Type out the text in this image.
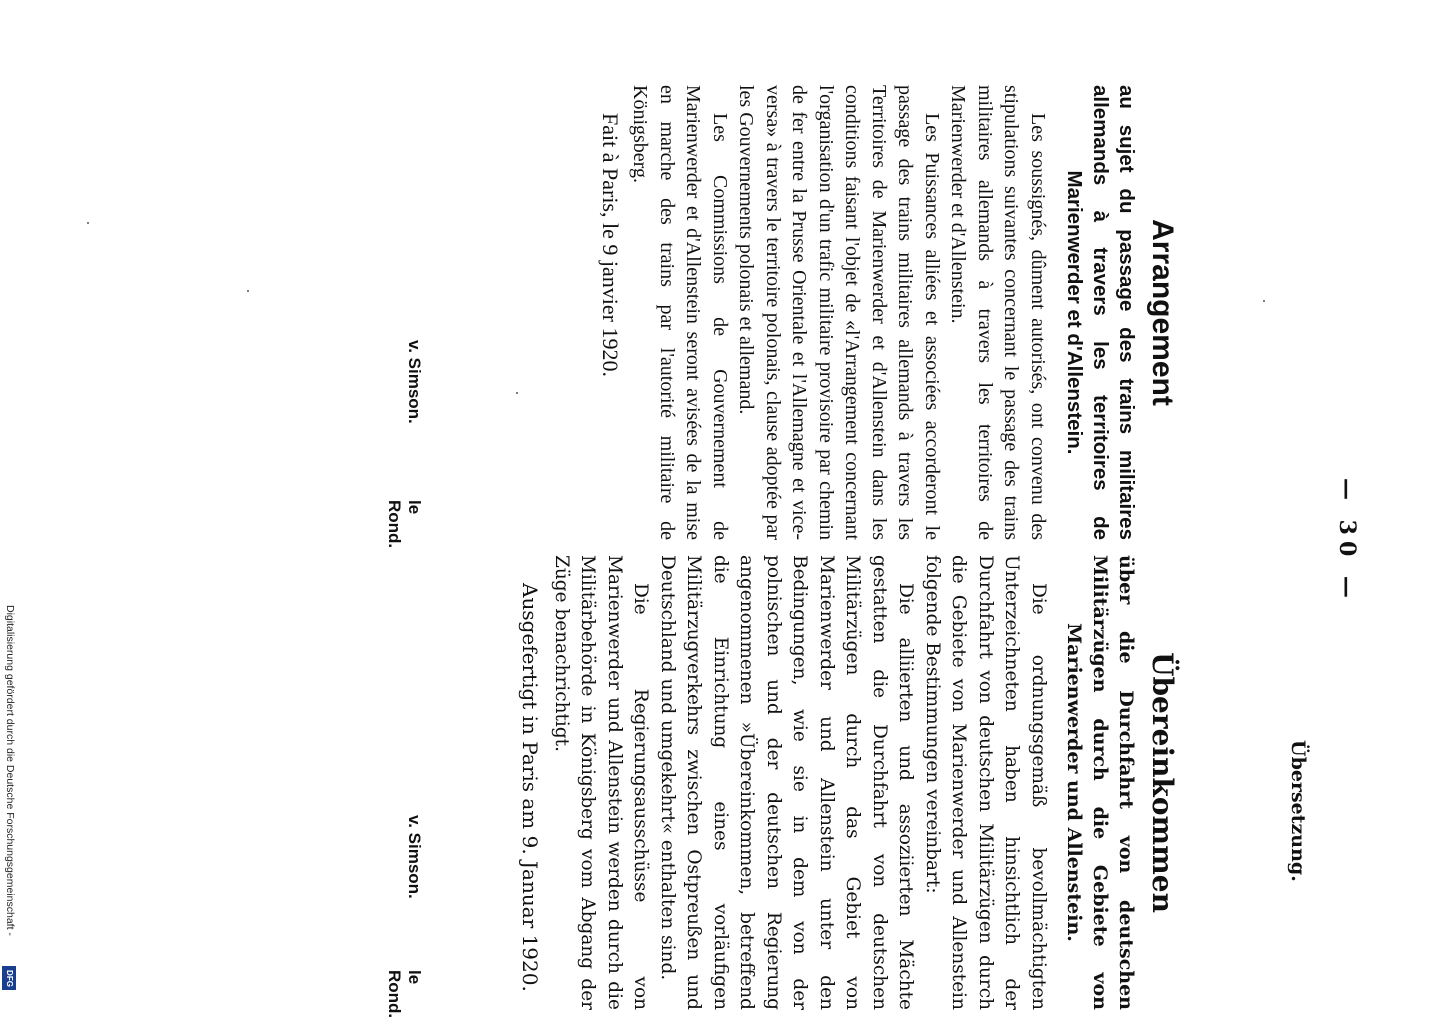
— 30 —
Übersetzung.
Arrangement
au sujet du passage des trains militaires allemands à travers les territoires de Marienwerder et d'Allenstein.

Les soussignés, dûment autorisés, ont convenu des stipulations suivantes concernant le passage des trains militaires allemands à travers les territoires de Marienwerder et d'Allenstein.

Les Puissances alliées et associées accorderont le passage des trains militaires allemands à travers les Territoires de Marienwerder et d'Allenstein dans les conditions faisant l'objet de «l'Arrangement concernant l'organisation d'un trafic militaire provisoire par chemin de fer entre la Prusse Orientale et l'Allemagne et vice-versa» à travers le territoire polonais, clause adoptée par les Gouvernements polonais et allemand.

Les Commissions de Gouvernement de Marienwerder et d'Allenstein seront avisées de la mise en marche des trains par l'autorité militaire de Königsberg.

Fait à Paris, le 9 janvier 1920.

Übereinkommen
über die Durchfahrt von deutschen Militärzügen durch die Gebiete von Marienwerder und Allenstein.

Die ordnungsgemäß bevollmächtigten Unterzeichneten haben hinsichtlich der Durchfahrt von deutschen Militärzügen durch die Gebiete von Marienwerder und Allenstein folgende Bestimmungen vereinbart:

Die alliierten und assoziierten Mächte gestatten die Durchfahrt von deutschen Militärzügen durch das Gebiet von Marienwerder und Allenstein unter den Bedingungen, wie sie in dem von der polnischen und der deutschen Regierung angenommenen »Übereinkommen, betreffend die Einrichtung eines vorläufigen Militärzugverkehrs zwischen Ostpreußen und Deutschland und umgekehrt« enthalten sind.

Die Regierungsausschüsse von Marienwerder und Allenstein werden durch die Militärbehörde in Königsberg vom Abgang der Züge benachrichtigt.

Ausgefertigt in Paris am 9. Januar 1920.

v. Simson.
le Rond.
v. Simson.
le Rond.
Digitalisierung gefördert durch die Deutsche Forschungsgemeinschaft -
DFG
